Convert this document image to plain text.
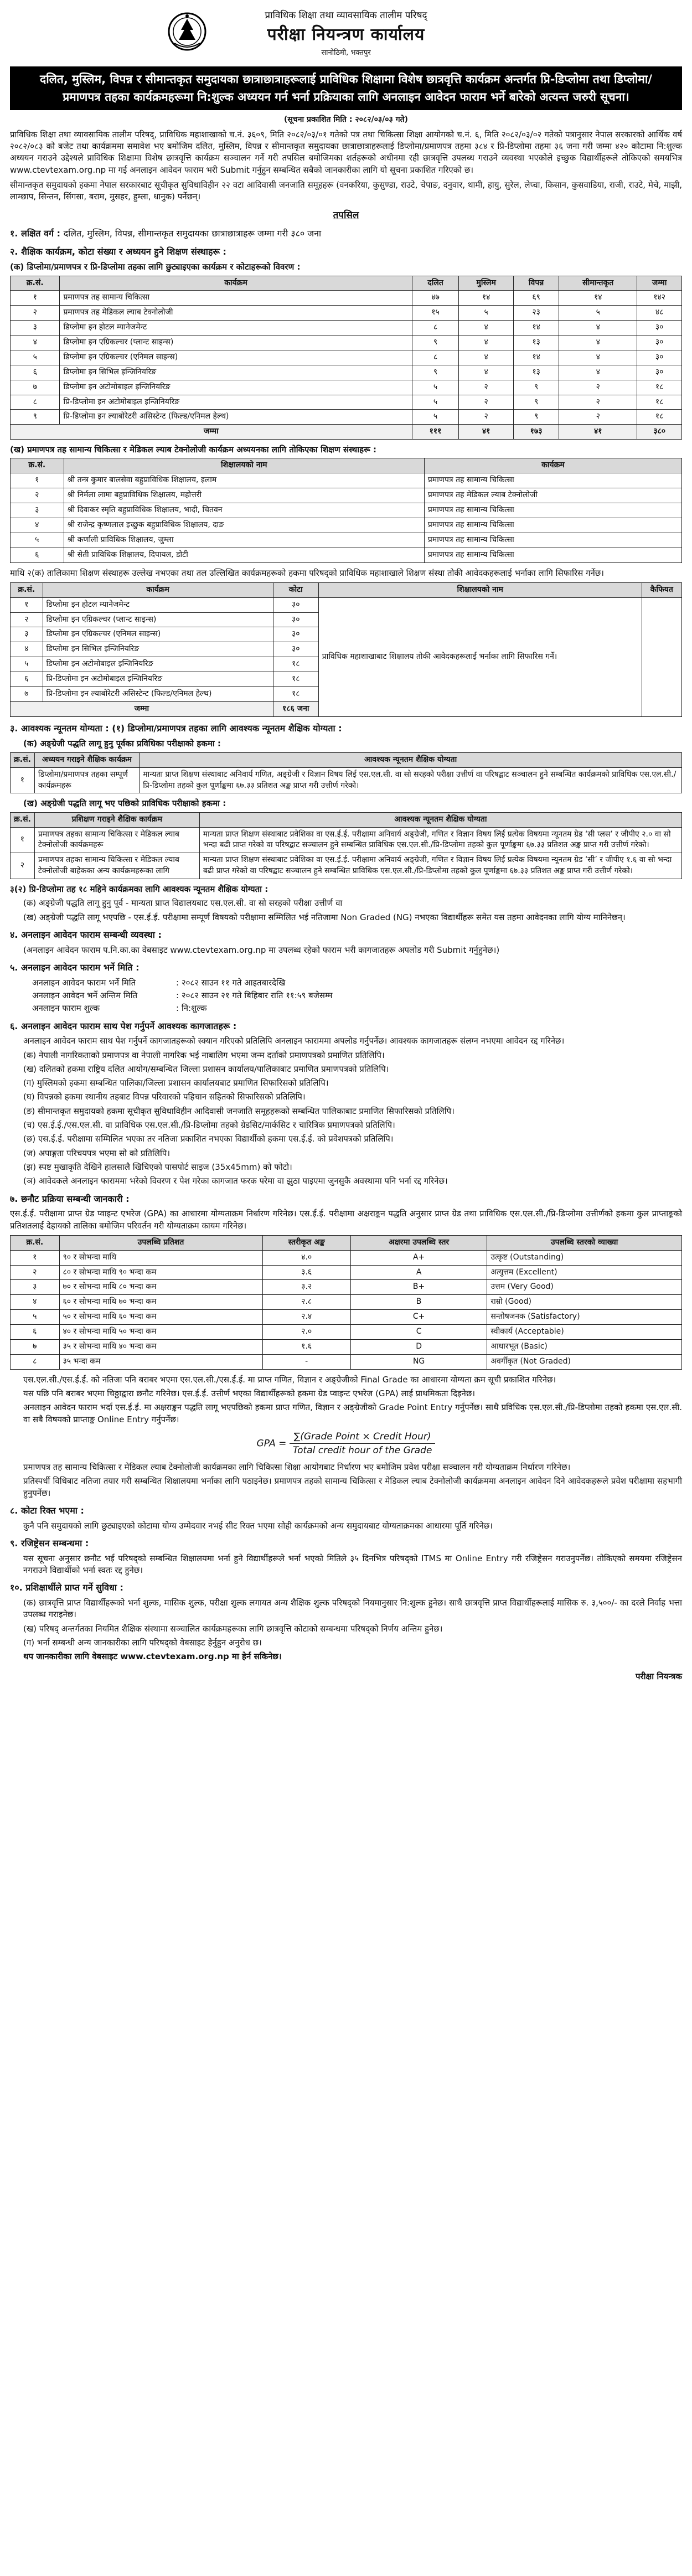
प्राविधिक शिक्षा तथा व्यावसायिक तालीम परिषद्
परीक्षा नियन्त्रण कार्यालय
सानोठिमी, भक्तपुर
दलित, मुस्लिम, विपन्न र सीमान्तकृत समुदायका छात्राछात्राहरूलाई प्राविधिक शिक्षामा विशेष छात्रवृत्ति कार्यक्रम अन्तर्गत प्रि-डिप्लोमा तथा डिप्लोमा/प्रमाणपत्र तहका कार्यक्रमहरूमा नि:शुल्क अध्ययन गर्न भर्ना प्रक्रियाका लागि अनलाइन आवेदन फाराम भर्ने बारेको अत्यन्त जरुरी सूचना।
(सूचना प्रकाशित मिति : २०८२/०३/०३ गते)

प्राविधिक शिक्षा तथा व्यावसायिक तालीम परिषद्, प्राविधिक महाशाखाको च.नं. ३६०९, मिति २०८२/०३/०१ गतेको पत्र तथा चिकित्सा शिक्षा आयोगको च.नं. ६, मिति २०८२/०३/०२ गतेको पत्रानुसार नेपाल सरकारको आर्थिक वर्ष २०८२/०८३ को बजेट तथा कार्यक्रममा समावेश भए बमोजिम दलित, मुस्लिम, विपन्न र सीमान्तकृत समुदायका छात्राछात्राहरूलाई डिप्लोमा/प्रमाणपत्र तहमा ३८४ र प्रि-डिप्लोमा तहमा ३६ जना गरी जम्मा ४२० कोटामा नि:शुल्क अध्ययन गराउने उद्देश्यले प्राविधिक शिक्षामा विशेष छात्रवृत्ति कार्यक्रम सञ्चालन गर्ने गरी तपसिल बमोजिमका शर्तहरूको अधीनमा रही छात्रवृत्ति उपलब्ध गराउने व्यवस्था भएकोले इच्छुक विद्यार्थीहरूले तोकिएको समयभित्र www.ctevtexam.org.np मा गई अनलाइन आवेदन फाराम भरी Submit गर्नुहुन सम्बन्धित सबैको जानकारीका लागि यो सूचना प्रकाशित गरिएको छ।

सीमान्तकृत समुदायको हकमा नेपाल सरकारबाट सूचीकृत सुविधाविहीन २२ वटा आदिवासी जनजाति समूहहरू (वनकरिया, कुसुण्डा, राउटे, चेपाङ, दनुवार, थामी, हायु, सुरेल, लेप्चा, किसान, कुसवाडिया, राजी, राउटे, मेचे, माझी, लाम्छाप, सिन्तन, सिंगसा, बराम, मुसहर, हुम्ला, धानुक) पर्नेछन्।

तपसिल
१. लक्षित वर्ग : दलित, मुस्लिम, विपन्न, सीमान्तकृत समुदायका छात्राछात्राहरू जम्मा गरी ३८० जना
२. शैक्षिक कार्यक्रम, कोटा संख्या र अध्ययन हुने शिक्षण संस्थाहरू :
(क) डिप्लोमा/प्रमाणपत्र र प्रि-डिप्लोमा तहका लागि छुट्याइएका कार्यक्रम र कोटाहरूको विवरण :
क्र.सं.	कार्यक्रम	दलित	मुस्लिम	विपन्न	सीमान्तकृत	जम्मा
१	प्रमाणपत्र तह सामान्य चिकित्सा	४७	१४	६९	१४	१४२
२	प्रमाणपत्र तह मेडिकल ल्याब टेक्नोलोजी	१५	५	२३	५	४८
३	डिप्लोमा इन होटल म्यानेजमेन्ट	८	४	१४	४	३०
४	डिप्लोमा इन एग्रिकल्चर (प्लान्ट साइन्स)	९	४	१३	४	३०
५	डिप्लोमा इन एग्रिकल्चर (एनिमल साइन्स)	८	४	१४	४	३०
६	डिप्लोमा इन सिभिल इन्जिनियरिङ	९	४	१३	४	३०
७	डिप्लोमा इन अटोमोबाइल इन्जिनियरिङ	५	२	९	२	१८
८	प्रि-डिप्लोमा इन अटोमोबाइल इन्जिनियरिङ	५	२	९	२	१८
९	प्रि-डिप्लोमा इन ल्याबोरेटरी असिस्टेन्ट (फिल्ड/एनिमल हेल्थ)	५	२	९	२	१८
जम्मा		१११	४१	१७३	४१	३८०
(ख) प्रमाणपत्र तह सामान्य चिकित्सा र मेडिकल ल्याब टेक्नोलोजी कार्यक्रम अध्ययनका लागि तोकिएका शिक्षण संस्थाहरू :
क्र.सं.	शिक्षालयको नाम	कार्यक्रम
१	श्री तन्त्र कुमार बालसेवा बहुप्राविधिक शिक्षालय, इलाम	प्रमाणपत्र तह सामान्य चिकित्सा
२	श्री निर्मला लामा बहुप्राविधिक शिक्षालय, महोत्तरी	प्रमाणपत्र तह मेडिकल ल्याब टेक्नोलोजी
३	श्री दिवाकर स्मृति बहुप्राविधिक शिक्षालय, भादी, चितवन	प्रमाणपत्र तह सामान्य चिकित्सा
४	श्री राजेन्द्र कृष्णलाल इच्छुक बहुप्राविधिक शिक्षालय, दाङ	प्रमाणपत्र तह सामान्य चिकित्सा
५	श्री कर्णाली प्राविधिक शिक्षालय, जुम्ला	प्रमाणपत्र तह सामान्य चिकित्सा
६	श्री सेती प्राविधिक शिक्षालय, दिपायल, डोटी	प्रमाणपत्र तह सामान्य चिकित्सा

माथि २(क) तालिकामा शिक्षण संस्थाहरू उल्लेख नभएका तथा तल उल्लिखित कार्यक्रमहरूको हकमा परिषद्को प्राविधिक महाशाखाले शिक्षण संस्था तोकी आवेदकहरूलाई भर्नाका लागि सिफारिस गर्नेछ।

क्र.सं.	कार्यक्रम	कोटा	शिक्षालयको नाम	कैफियत
१	डिप्लोमा इन होटल म्यानेजमेन्ट	३०	प्राविधिक महाशाखाबाट शिक्षालय तोकी आवेदकहरूलाई भर्नाका लागि सिफारिस गर्ने।	
२	डिप्लोमा इन एग्रिकल्चर (प्लान्ट साइन्स)	३०		
३	डिप्लोमा इन एग्रिकल्चर (एनिमल साइन्स)	३०		
४	डिप्लोमा इन सिभिल इन्जिनियरिङ	३०		
५	डिप्लोमा इन अटोमोबाइल इन्जिनियरिङ	१८		
६	प्रि-डिप्लोमा इन अटोमोबाइल इन्जिनियरिङ	१८		
७	प्रि-डिप्लोमा इन ल्याबोरेटरी असिस्टेन्ट (फिल्ड/एनिमल हेल्थ)	१८		
जम्मा		१८६ जना		
३. आवश्यक न्यूनतम योग्यता : (१) डिप्लोमा/प्रमाणपत्र तहका लागि आवश्यक न्यूनतम शैक्षिक योग्यता :
(क) अङ्ग्रेजी पद्धति लागू हुनु पूर्वका प्रविधिका परीक्षाको हकमा :
क्र.सं.	अध्ययन गराइने शैक्षिक कार्यक्रम	आवश्यक न्यूनतम शैक्षिक योग्यता
१	डिप्लोमा/प्रमाणपत्र तहका सम्पूर्ण कार्यक्रमहरू	मान्यता प्राप्त शिक्षण संस्थाबाट अनिवार्य गणित, अङ्ग्रेजी र विज्ञान विषय लिई एस.एल.सी. वा सो सरहको परीक्षा उत्तीर्ण वा परिषद्बाट सञ्चालन हुने सम्बन्धित कार्यक्रमको प्राविधिक एस.एल.सी./प्रि-डिप्लोमा तहको कुल पूर्णाङ्कमा ६७.३३ प्रतिशत अङ्क प्राप्त गरी उत्तीर्ण गरेको।
(ख) अङ्ग्रेजी पद्धति लागू भए पछिको प्राविधिक परीक्षाको हकमा :
क्र.सं.	प्रशिक्षण गराइने शैक्षिक कार्यक्रम	आवश्यक न्यूनतम शैक्षिक योग्यता
१	प्रमाणपत्र तहका सामान्य चिकित्सा र मेडिकल ल्याब टेक्नोलोजी कार्यक्रमहरू	मान्यता प्राप्त शिक्षण संस्थाबाट प्रवेशिका वा एस.ई.ई. परीक्षामा अनिवार्य अङ्ग्रेजी, गणित र विज्ञान विषय लिई प्रत्येक विषयमा न्यूनतम ग्रेड ‘सी प्लस’ र जीपीए २.० वा सो भन्दा बढी प्राप्त गरेको वा परिषद्बाट सञ्चालन हुने सम्बन्धित प्राविधिक एस.एल.सी./प्रि-डिप्लोमा तहको कुल पूर्णाङ्कमा ६७.३३ प्रतिशत अङ्क प्राप्त गरी उत्तीर्ण गरेको।
२	प्रमाणपत्र तहका सामान्य चिकित्सा र मेडिकल ल्याब टेक्नोलोजी बाहेकका अन्य कार्यक्रमहरूका लागि	मान्यता प्राप्त शिक्षण संस्थाबाट प्रवेशिका वा एस.ई.ई. परीक्षामा अनिवार्य अङ्ग्रेजी, गणित र विज्ञान विषय लिई प्रत्येक विषयमा न्यूनतम ग्रेड ‘सी’ र जीपीए १.६ वा सो भन्दा बढी प्राप्त गरेको वा परिषद्बाट सञ्चालन हुने सम्बन्धित प्राविधिक एस.एल.सी./प्रि-डिप्लोमा तहको कुल पूर्णाङ्कमा ६७.३३ प्रतिशत अङ्क प्राप्त गरी उत्तीर्ण गरेको।
३(२) प्रि-डिप्लोमा तह १८ महिने कार्यक्रमका लागि आवश्यक न्यूनतम शैक्षिक योग्यता :
(क) अङ्ग्रेजी पद्धति लागू हुनु पूर्व - मान्यता प्राप्त विद्यालयबाट एस.एल.सी. वा सो सरहको परीक्षा उत्तीर्ण वा
(ख) अङ्ग्रेजी पद्धति लागू भएपछि - एस.ई.ई. परीक्षामा सम्पूर्ण विषयको परीक्षामा सम्मिलित भई नतिजामा Non Graded (NG) नभएका विद्यार्थीहरू समेत यस तहमा आवेदनका लागि योग्य मानिनेछन्।
४. अनलाइन आवेदन फाराम सम्बन्धी व्यवस्था :
(अनलाइन आवेदन फाराम प.नि.का.का वेबसाइट www.ctevtexam.org.np मा उपलब्ध रहेको फाराम भरी कागजातहरू अपलोड गरी Submit गर्नुहुनेछ।)
५. अनलाइन आवेदन फाराम भर्ने मिति :
अनलाइन आवेदन फाराम भर्ने मिति	: २०८२ साउन ११ गते आइतबारदेखि
अनलाइन आवेदन भर्ने अन्तिम मिति	: २०८२ साउन २१ गते बिहिबार राति ११:५९ बजेसम्म
अनलाइन फाराम शुल्क	: नि:शुल्क
६. अनलाइन आवेदन फाराम साथ पेश गर्नुपर्ने आवश्यक कागजातहरू :
अनलाइन आवेदन फाराम साथ पेश गर्नुपर्ने कागजातहरूको स्क्यान गरिएको प्रतिलिपि अनलाइन फाराममा अपलोड गर्नुपर्नेछ। आवश्यक कागजातहरू संलग्न नभएमा आवेदन रद्द गरिनेछ।
(क) नेपाली नागरिकताको प्रमाणपत्र वा नेपाली नागरिक भई नाबालिग भएमा जन्म दर्ताको प्रमाणपत्रको प्रमाणित प्रतिलिपि।
(ख) दलितको हकमा राष्ट्रिय दलित आयोग/सम्बन्धित जिल्ला प्रशासन कार्यालय/पालिकाबाट प्रमाणित प्रमाणपत्रको प्रतिलिपि।
(ग) मुस्लिमको हकमा सम्बन्धित पालिका/जिल्ला प्रशासन कार्यालयबाट प्रमाणित सिफारिसको प्रतिलिपि।
(घ) विपन्नको हकमा स्थानीय तहबाट विपन्न परिवारको पहिचान सहितको सिफारिसको प्रतिलिपि।
(ङ) सीमान्तकृत समुदायको हकमा सूचीकृत सुविधाविहीन आदिवासी जनजाति समूहहरूको सम्बन्धित पालिकाबाट प्रमाणित सिफारिसको प्रतिलिपि।
(च) एस.ई.ई./एस.एल.सी. वा प्राविधिक एस.एल.सी./प्रि-डिप्लोमा तहको ग्रेडसिट/मार्कसिट र चारित्रिक प्रमाणपत्रको प्रतिलिपि।
(छ) एस.ई.ई. परीक्षामा सम्मिलित भएका तर नतिजा प्रकाशित नभएका विद्यार्थीको हकमा एस.ई.ई. को प्रवेशपत्रको प्रतिलिपि।
(ज) अपाङ्गता परिचयपत्र भएमा सो को प्रतिलिपि।
(झ) स्पष्ट मुखाकृति देखिने हालसालै खिचिएको पासपोर्ट साइज (35x45mm) को फोटो।
(ञ) आवेदकले अनलाइन फाराममा भरेको विवरण र पेश गरेका कागजात फरक परेमा वा झुठा पाइएमा जुनसुकै अवस्थामा पनि भर्ना रद्द गरिनेछ।
७. छनौट प्रक्रिया सम्बन्धी जानकारी :

एस.ई.ई. परीक्षामा प्राप्त ग्रेड प्वाइन्ट एभरेज (GPA) का आधारमा योग्यताक्रम निर्धारण गरिनेछ। एस.ई.ई. परीक्षामा अक्षराङ्कन पद्धति अनुसार प्राप्त ग्रेड तथा प्राविधिक एस.एल.सी./प्रि-डिप्लोमा उत्तीर्णको हकमा कुल प्राप्ताङ्कको प्रतिशतलाई देहायको तालिका बमोजिम परिवर्तन गरी योग्यताक्रम कायम गरिनेछ।

क्र.सं.	उपलब्धि प्रतिशत	स्तरीकृत अङ्क	अक्षरमा उपलब्धि स्तर	उपलब्धि स्तरको व्याख्या
१	९० र सोभन्दा माथि	४.०	A+	उत्कृष्ट (Outstanding)
२	८० र सोभन्दा माथि ९० भन्दा कम	३.६	A	अत्युत्तम (Excellent)
३	७० र सोभन्दा माथि ८० भन्दा कम	३.२	B+	उत्तम (Very Good)
४	६० र सोभन्दा माथि ७० भन्दा कम	२.८	B	राम्रो (Good)
५	५० र सोभन्दा माथि ६० भन्दा कम	२.४	C+	सन्तोषजनक (Satisfactory)
६	४० र सोभन्दा माथि ५० भन्दा कम	२.०	C	स्वीकार्य (Acceptable)
७	३५ र सोभन्दा माथि ४० भन्दा कम	१.६	D	आधारभूत (Basic)
८	३५ भन्दा कम	-	NG	अवर्गीकृत (Not Graded)
एस.एल.सी./एस.ई.ई. को नतिजा पनि बराबर भएमा एस.एल.सी./एस.ई.ई. मा प्राप्त गणित, विज्ञान र अङ्ग्रेजीको Final Grade का आधारमा योग्यता क्रम सूची प्रकाशित गरिनेछ।
यस पछि पनि बराबर भएमा चिठ्ठाद्वारा छनौट गरिनेछ। एस.ई.ई. उत्तीर्ण भएका विद्यार्थीहरूको हकमा ग्रेड प्वाइन्ट एभरेज (GPA) लाई प्राथमिकता दिइनेछ।
अनलाइन आवेदन फाराम भर्दा एस.ई.ई. मा अक्षराङ्कन पद्धति लागू भएपछिको हकमा प्राप्त गणित, विज्ञान र अङ्ग्रेजीको Grade Point Entry गर्नुपर्नेछ। साथै प्रविधिक एस.एल.सी./प्रि-डिप्लोमा तहको हकमा एस.एल.सी. वा सबै विषयको प्राप्ताङ्क Online Entry गर्नुपर्नेछ।
GPA = $\frac{\text{∑(Grade Point × Credit Hour)}}{\text{Total credit hour of the Grade}}$
प्रमाणपत्र तह सामान्य चिकित्सा र मेडिकल ल्याब टेक्नोलोजी कार्यक्रमका लागि चिकित्सा शिक्षा आयोगबाट निर्धारण भए बमोजिम प्रवेश परीक्षा सञ्चालन गरी योग्यताक्रम निर्धारण गरिनेछ।
प्रतिस्पर्धी विधिबाट नतिजा तयार गरी सम्बन्धित शिक्षालयमा भर्नाका लागि पठाइनेछ। प्रमाणपत्र तहको सामान्य चिकित्सा र मेडिकल ल्याब टेक्नोलोजी कार्यक्रममा अनलाइन आवेदन दिने आवेदकहरूले प्रवेश परीक्षामा सहभागी हुनुपर्नेछ।
८. कोटा रिक्त भएमा :
कुनै पनि समुदायको लागि छुट्याइएको कोटामा योग्य उम्मेदवार नभई सीट रिक्त भएमा सोही कार्यक्रमको अन्य समुदायबाट योग्यताक्रमका आधारमा पूर्ति गरिनेछ।
९. रजिष्ट्रेसन सम्बन्धमा :
यस सूचना अनुसार छनौट भई परिषद्को सम्बन्धित शिक्षालयमा भर्ना हुने विद्यार्थीहरूले भर्ना भएको मितिले ३५ दिनभित्र परिषद्को ITMS मा Online Entry गरी रजिष्ट्रेसन गराउनुपर्नेछ। तोकिएको समयमा रजिष्ट्रेसन नगराउने विद्यार्थीको भर्ना स्वतः रद्द हुनेछ।
१०. प्रशिक्षार्थीले प्राप्त गर्ने सुविधा :
(क) छात्रवृत्ति प्राप्त विद्यार्थीहरूको भर्ना शुल्क, मासिक शुल्क, परीक्षा शुल्क लगायत अन्य शैक्षिक शुल्क परिषद्को नियमानुसार नि:शुल्क हुनेछ। साथै छात्रवृत्ति प्राप्त विद्यार्थीहरूलाई मासिक रु. ३,५००/- का दरले निर्वाह भत्ता उपलब्ध गराइनेछ।
(ख) परिषद् अन्तर्गतका नियमित शैक्षिक संस्थामा सञ्चालित कार्यक्रमहरूका लागि छात्रवृत्ति कोटाको सम्बन्धमा परिषद्को निर्णय अन्तिम हुनेछ।
(ग) भर्ना सम्बन्धी अन्य जानकारीका लागि परिषद्को वेबसाइट हेर्नुहुन अनुरोध छ।
थप जानकारीका लागि वेबसाइट www.ctevtexam.org.np मा हेर्न सकिनेछ।
परीक्षा नियन्त्रक
